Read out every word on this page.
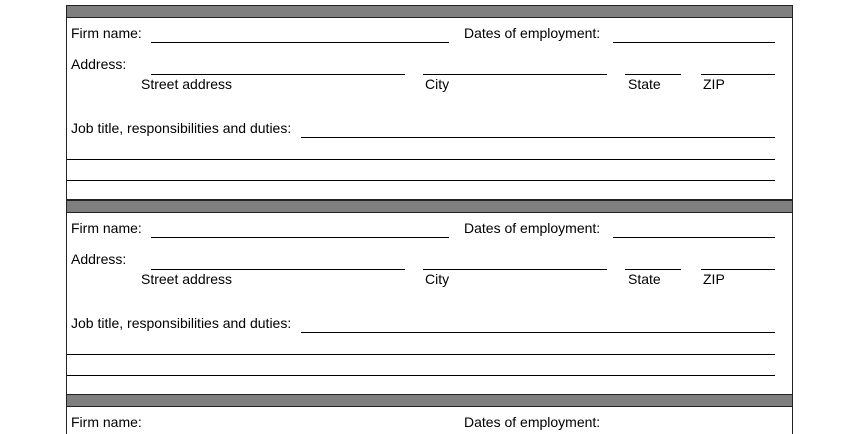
Firm name:	Dates of employment:
Address:
Street address	City	State	ZIP
Job title, responsibilities and duties:
Firm name:	Dates of employment:
Address:
Street address	City	State	ZIP
Job title, responsibilities and duties:
Firm name:	Dates of employment:
